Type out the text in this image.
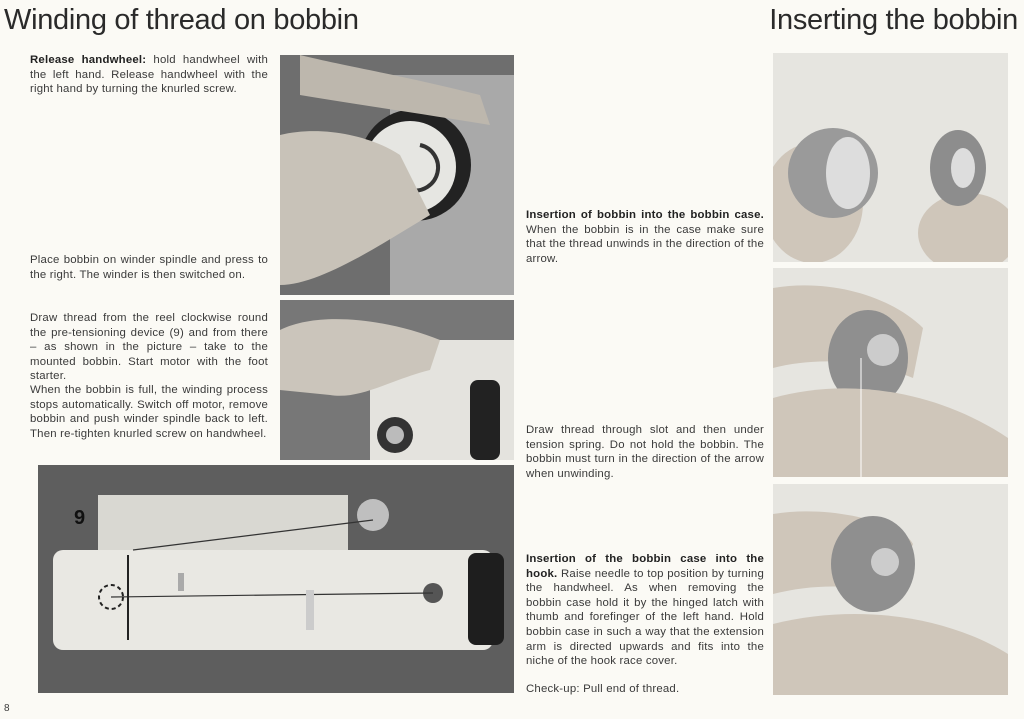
Winding of thread on bobbin	Inserting the bobbin

Release handwheel: hold handwheel with the left hand. Release handwheel with the right hand by turning the knurled screw.

Place bobbin on winder spindle and press to the right. The winder is then switched on.

Draw thread from the reel clockwise round the pre-tensioning device (9) and from there – as shown in the picture – take to the mounted bobbin. Start motor with the foot starter.

When the bobbin is full, the winding process stops automatically. Switch off motor, remove bobbin and push winder spindle back to left. Then re-tighten knurled screw on handwheel.

Insertion of bobbin into the bobbin case. When the bobbin is in the case make sure that the thread unwinds in the direction of the arrow.

Draw thread through slot and then under tension spring. Do not hold the bobbin. The bobbin must turn in the direction of the arrow when unwinding.

Insertion of the bobbin case into the hook. Raise needle to top position by turning the handwheel. As when removing the bobbin case hold it by the hinged latch with thumb and forefinger of the left hand. Hold bobbin case in such a way that the extension arm is directed upwards and fits into the niche of the hook race cover.

Check-up: Pull end of thread.

9
8
